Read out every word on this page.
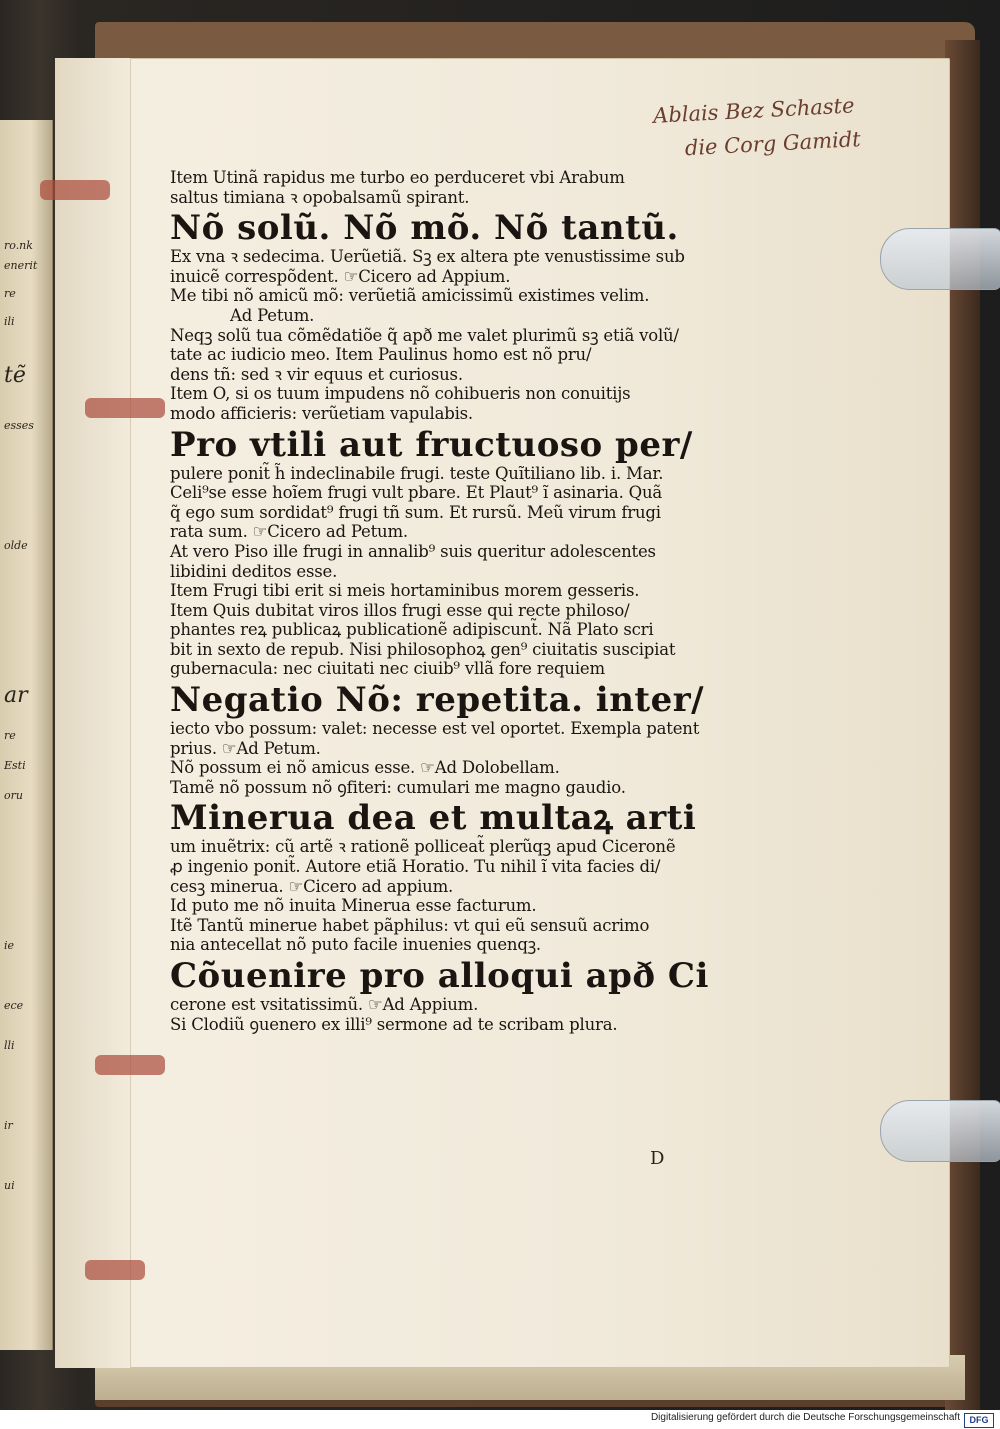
ro.nk
enerit
re
ili
tẽ
esses
olde
ar
re
Esti
oru
ie
ece
lli
ir
ui
Ablais Bez Schaste
die Corg Gamidt
Item Utinã rapidus me turbo eo perduceret vbi Arabum
saltus timiana ꝛ opobalsamũ spirant.
Nõ solũ. Nõ mõ. Nõ tantũ.
Ex vna ꝛ sedecima. Uerũetiã. Sꝫ ex altera pte venustissime sub
inuicẽ correspõdent. ☞Cicero ad Appium.
Me tibi nõ amicũ mõ: verũetiã amicissimũ existimes velim.
Ad Petum.
Neqꝫ solũ tua cõmẽdatiõe q̃ apð me valet plurimũ sꝫ etiã volũ/
tate ac iudicio meo. Item Paulinus homo est nõ pru/
dens tñ: sed ꝛ vir equus et curiosus.
Item O, si os tuum impudens nõ cohibueris non conuitijs
modo afficieris: verũetiam vapulabis.
Pro vtili aut fructuoso per/
pulere ponit̃ h̃ indeclinabile frugi. teste Quĩtiliano lib. i. Mar.
Celi⁹se esse hoĩem frugi vult pbare. Et Plaut⁹ ĩ asinaria. Quã
q̃ ego sum sordidat⁹ frugi tñ sum. Et rursũ. Meũ virum frugi
rata sum. ☞Cicero ad Petum.
At vero Piso ille frugi in annalib⁹ suis queritur adolescentes
libidini deditos esse.
Item Frugi tibi erit si meis hortaminibus morem gesseris.
Item Quis dubitat viros illos frugi esse qui recte philoso/
phantes reꝝ publicaꝝ publicationẽ adipiscunt̃. Nã Plato scri
bit in sexto de repub. Nisi philosophoꝝ gen⁹ ciuitatis suscipiat
gubernacula: nec ciuitati nec ciuib⁹ vllã fore requiem
Negatio Nõ: repetita. inter/
iecto vbo possum: valet: necesse est vel oportet. Exempla patent
prius. ☞Ad Petum.
Nõ possum ei nõ amicus esse. ☞Ad Dolobellam.
Tamẽ nõ possum nõ ꝯfiteri: cumulari me magno gaudio.
Minerua dea et multaꝝ arti
um inuẽtrix: cũ artẽ ꝛ rationẽ polliceat̃ plerũqꝫ apud Ciceronẽ
ꝓ ingenio ponit̃. Autore etiã Horatio. Tu nihil ĩ vita facies di/
cesꝫ minerua. ☞Cicero ad appium.
Id puto me nõ inuita Minerua esse facturum.
Itẽ Tantũ minerue habet pãphilus: vt qui eũ sensuũ acrimo
nia antecellat nõ puto facile inuenies quenqꝫ.
Cõuenire pro alloqui apð Ci
cerone est vsitatissimũ. ☞Ad Appium.
Si Clodiũ ꝯuenero ex illi⁹ sermone ad te scribam plura.
D
Digitalisierung gefördert durch die Deutsche Forschungsgemeinschaft	DFG
